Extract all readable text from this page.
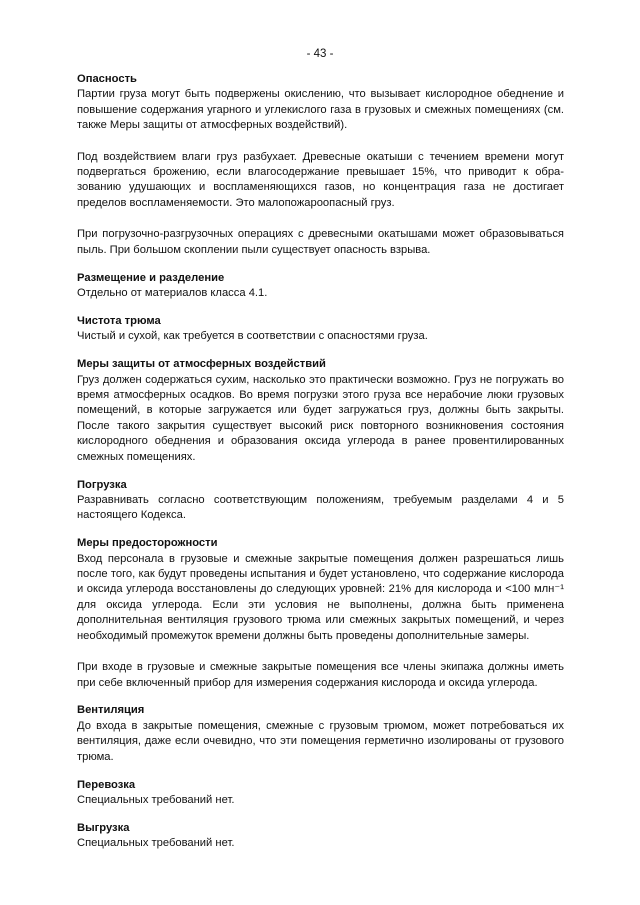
- 43 -
Опасность

Партии груза могут быть подвержены окислению, что вызывает кислородное обеднение и повышение содержания угарного и углекислого газа в грузовых и смежных помещениях (см. также Меры защиты от атмосферных воздействий).

Под воздействием влаги груз разбухает. Древесные окатыши с течением времени могут подвергаться брожению, если влагосодержание превышает 15%, что приводит к образованию удушающих и воспламеняющихся газов, но концентрация газа не достигает пределов воспламеняемости. Это малопожароопасный груз.

При погрузочно-разгрузочных операциях с древесными окатышами может образовываться пыль. При большом скоплении пыли существует опасность взрыва.

Размещение и разделение

Отдельно от материалов класса 4.1.

Чистота трюма

Чистый и сухой, как требуется в соответствии с опасностями груза.

Меры защиты от атмосферных воздействий

Груз должен содержаться сухим, насколько это практически возможно. Груз не погружать во время атмосферных осадков. Во время погрузки этого груза все нерабочие люки грузовых помещений, в которые загружается или будет загружаться груз, должны быть закрыты. После такого закрытия существует высокий риск повторного возникновения состояния кислородного обеднения и образования оксида углерода в ранее провентилированных смежных помещениях.

Погрузка

Разравнивать согласно соответствующим положениям, требуемым разделами 4 и 5 настоящего Кодекса.

Меры предосторожности

Вход персонала в грузовые и смежные закрытые помещения должен разрешаться лишь после того, как будут проведены испытания и будет установлено, что содержание кислорода и оксида углерода восстановлены до следующих уровней: 21% для кислорода и <100 млн⁻¹ для оксида углерода. Если эти условия не выполнены, должна быть применена дополнительная вентиляция грузового трюма или смежных закрытых помещений, и через необходимый промежуток времени должны быть проведены дополнительные замеры.

При входе в грузовые и смежные закрытые помещения все члены экипажа должны иметь при себе включенный прибор для измерения содержания кислорода и оксида углерода.

Вентиляция

До входа в закрытые помещения, смежные с грузовым трюмом, может потребоваться их вентиляция, даже если очевидно, что эти помещения герметично изолированы от грузового трюма.

Перевозка

Специальных требований нет.

Выгрузка

Специальных требований нет.
